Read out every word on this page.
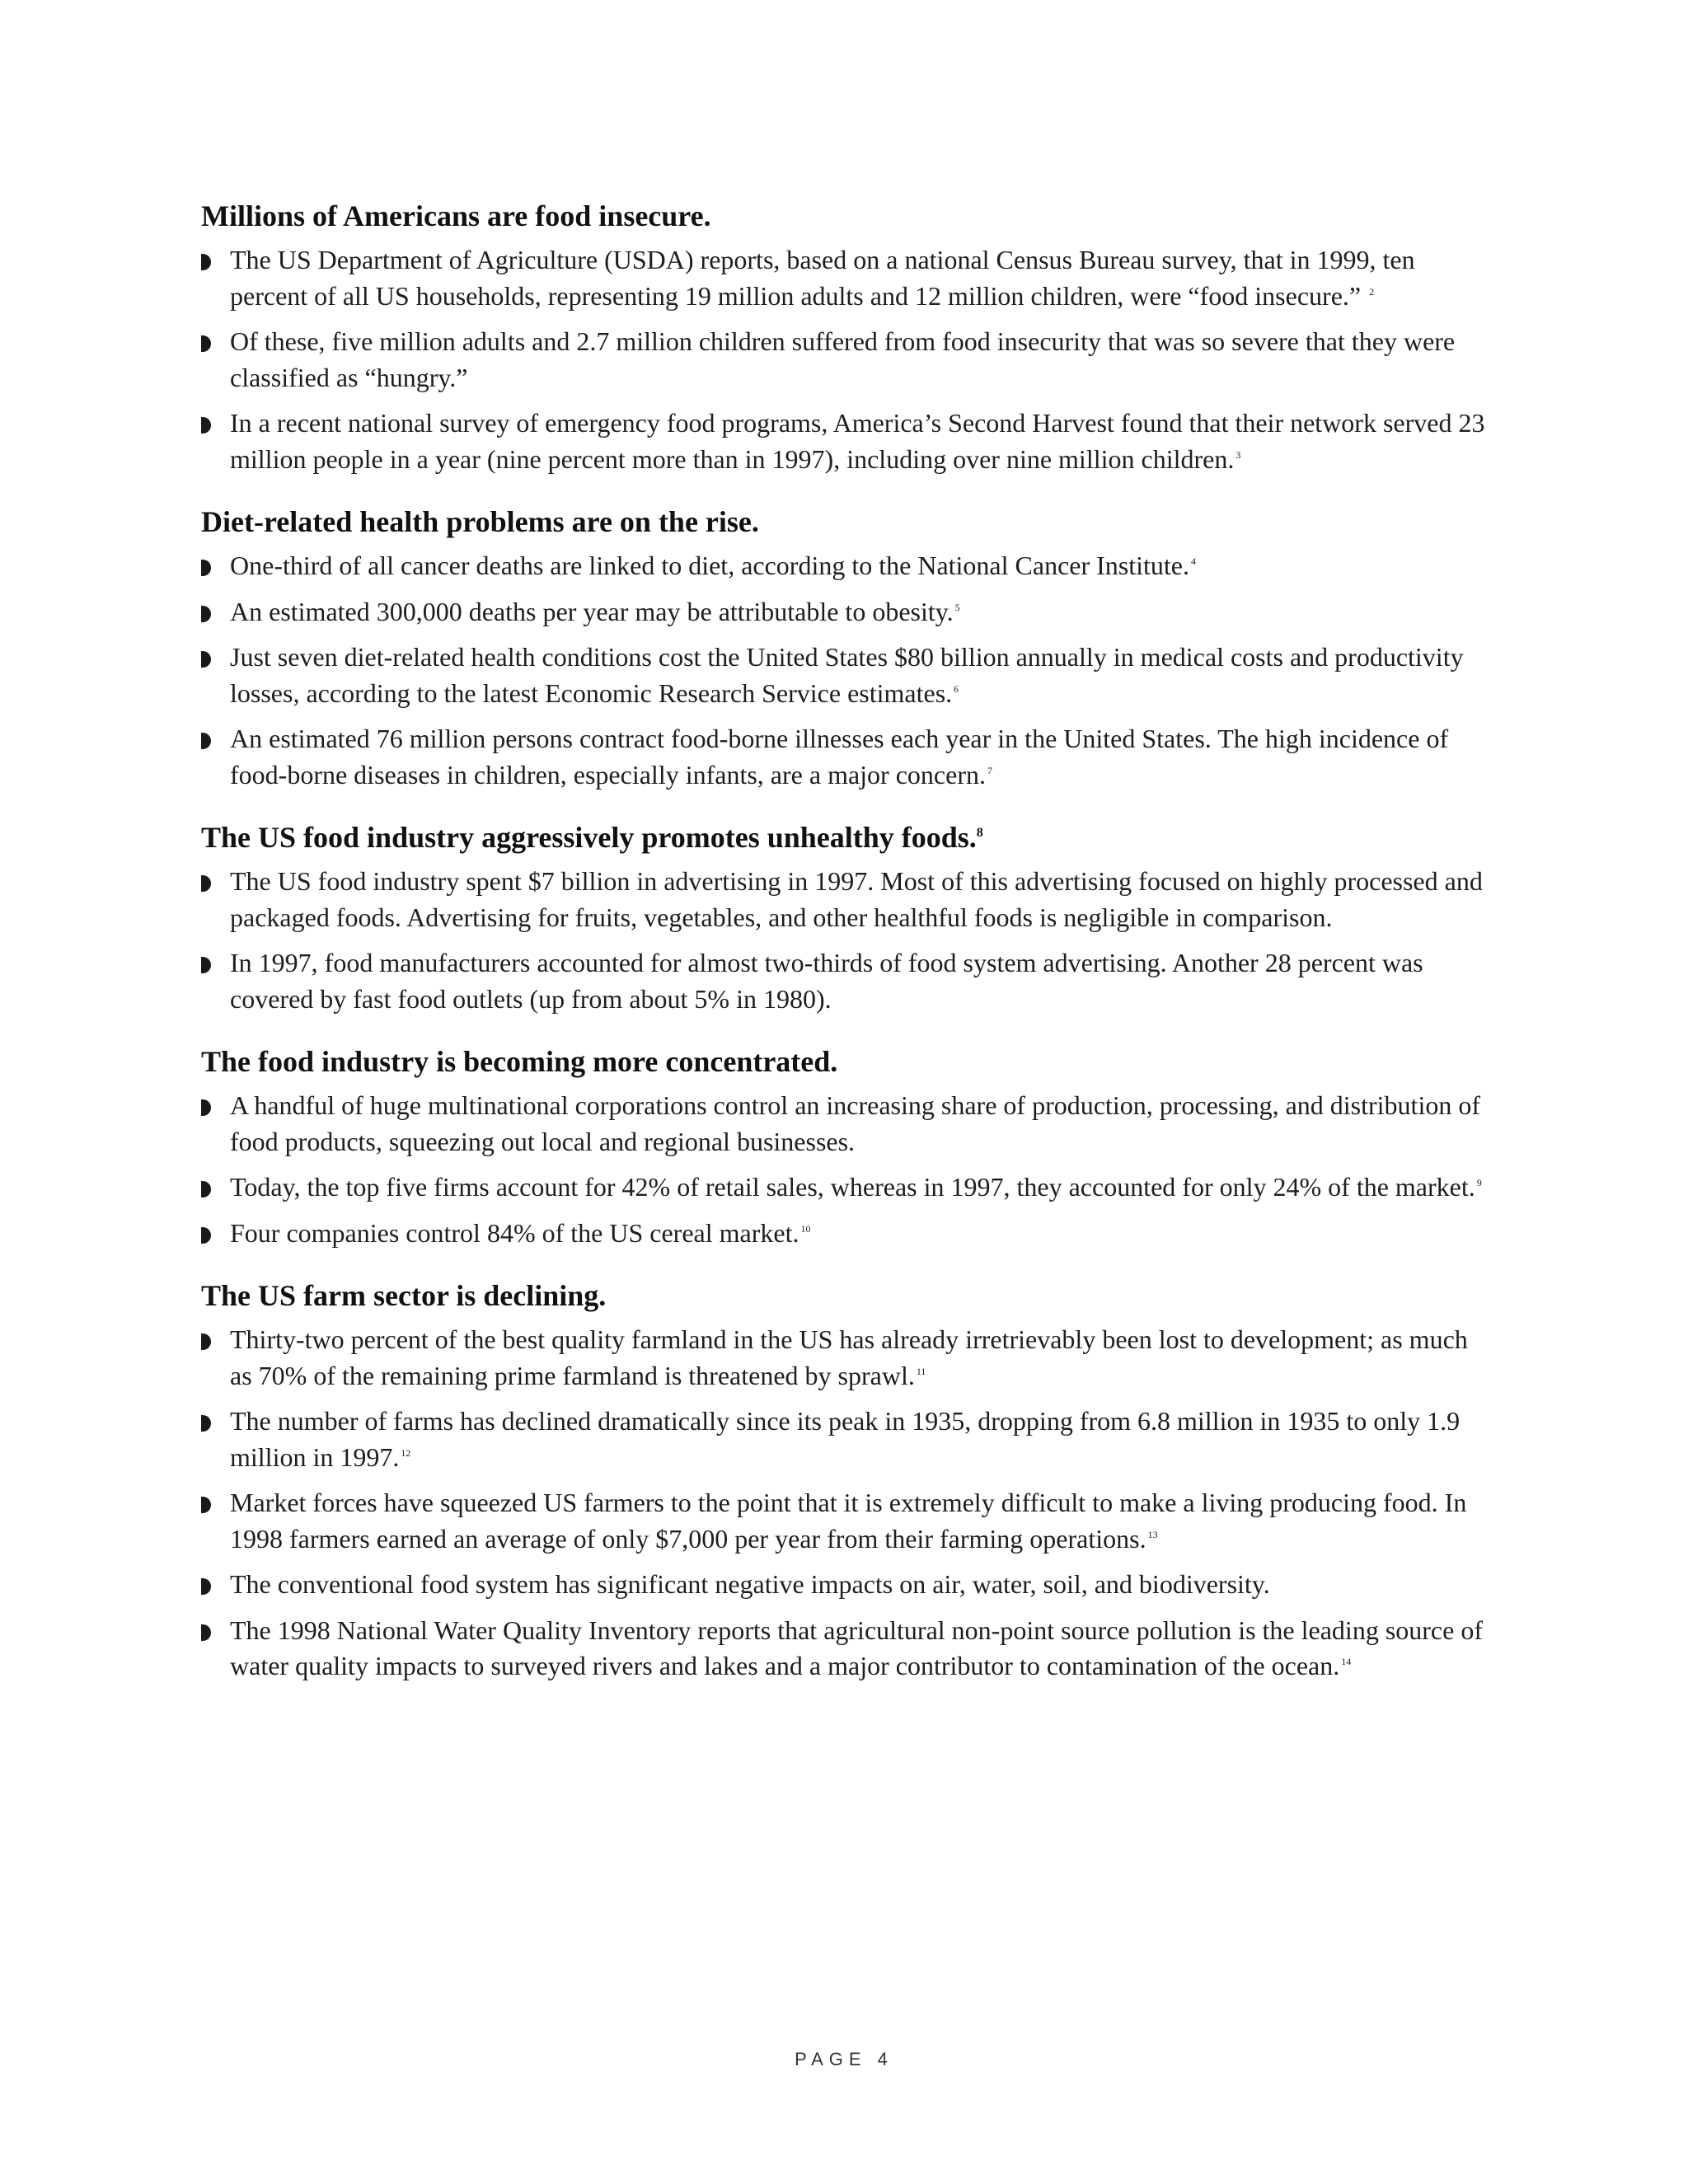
Millions of Americans are food insecure.
The US Department of Agriculture (USDA) reports, based on a national Census Bureau survey, that in 1999, ten percent of all US households, representing 19 million adults and 12 million children, were “food insecure.” $^2$
Of these, five million adults and 2.7 million children suffered from food insecurity that was so severe that they were classified as “hungry.”
In a recent national survey of emergency food programs, America’s Second Harvest found that their network served 23 million people in a year (nine percent more than in 1997), including over nine million children. $^3$
Diet-related health problems are on the rise.
One-third of all cancer deaths are linked to diet, according to the National Cancer Institute. $^4$
An estimated 300,000 deaths per year may be attributable to obesity. $^5$
Just seven diet-related health conditions cost the United States $80 billion annually in medical costs and productivity losses, according to the latest Economic Research Service estimates. $^6$
An estimated 76 million persons contract food-borne illnesses each year in the United States. The high incidence of food-borne diseases in children, especially infants, are a major concern. $^7$
The US food industry aggressively promotes unhealthy foods.$^8$
The US food industry spent $7 billion in advertising in 1997. Most of this advertising focused on highly processed and packaged foods. Advertising for fruits, vegetables, and other healthful foods is negligible in comparison.
In 1997, food manufacturers accounted for almost two-thirds of food system advertising. Another 28 percent was covered by fast food outlets (up from about 5% in 1980).
The food industry is becoming more concentrated.
A handful of huge multinational corporations control an increasing share of production, processing, and distribution of food products, squeezing out local and regional businesses.
Today, the top five firms account for 42% of retail sales, whereas in 1997, they accounted for only 24% of the market. $^9$
Four companies control 84% of the US cereal market. $^{10}$
The US farm sector is declining.
Thirty-two percent of the best quality farmland in the US has already irretrievably been lost to development; as much as 70% of the remaining prime farmland is threatened by sprawl. $^{11}$
The number of farms has declined dramatically since its peak in 1935, dropping from 6.8 million in 1935 to only 1.9 million in 1997. $^{12}$
Market forces have squeezed US farmers to the point that it is extremely difficult to make a living producing food. In 1998 farmers earned an average of only $7,000 per year from their farming operations. $^{13}$
The conventional food system has significant negative impacts on air, water, soil, and biodiversity.
The 1998 National Water Quality Inventory reports that agricultural non-point source pollution is the leading source of water quality impacts to surveyed rivers and lakes and a major contributor to contamination of the ocean. $^{14}$
PAGE 4
